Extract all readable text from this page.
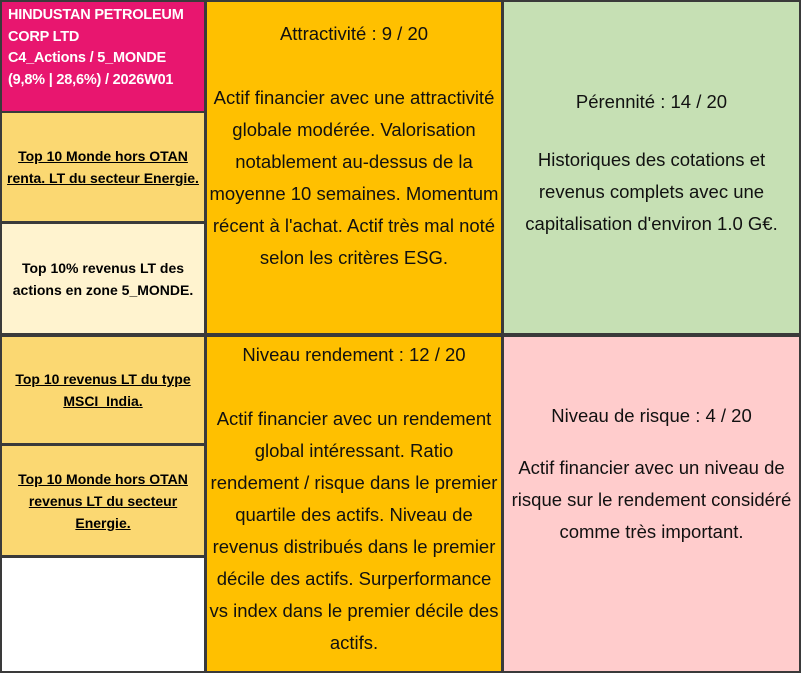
HINDUSTAN PETROLEUM
CORP LTD
C4_Actions / 5_MONDE
(9,8% | 28,6%) / 2026W01
Top 10 Monde hors OTAN renta. LT du secteur Energie.
Top 10% revenus LT des actions en zone 5_MONDE.
Top 10 revenus LT du type MSCI_India.
Top 10 Monde hors OTAN revenus LT du secteur Energie.

Attractivité : 9 / 20

Actif financier avec une attractivité globale modérée. Valorisation notablement au-dessus de la moyenne 10 semaines. Momentum récent à l'achat. Actif très mal noté selon les critères ESG.

Pérennité : 14 / 20

Historiques des cotations et revenus complets avec une capitalisation d'environ 1.0 G€.

Niveau rendement : 12 / 20

Actif financier avec un rendement global intéressant. Ratio rendement / risque dans le premier quartile des actifs. Niveau de revenus distribués dans le premier décile des actifs. Surperformance vs index dans le premier décile des actifs.

Niveau de risque : 4 / 20

Actif financier avec un niveau de risque sur le rendement considéré comme très important.
